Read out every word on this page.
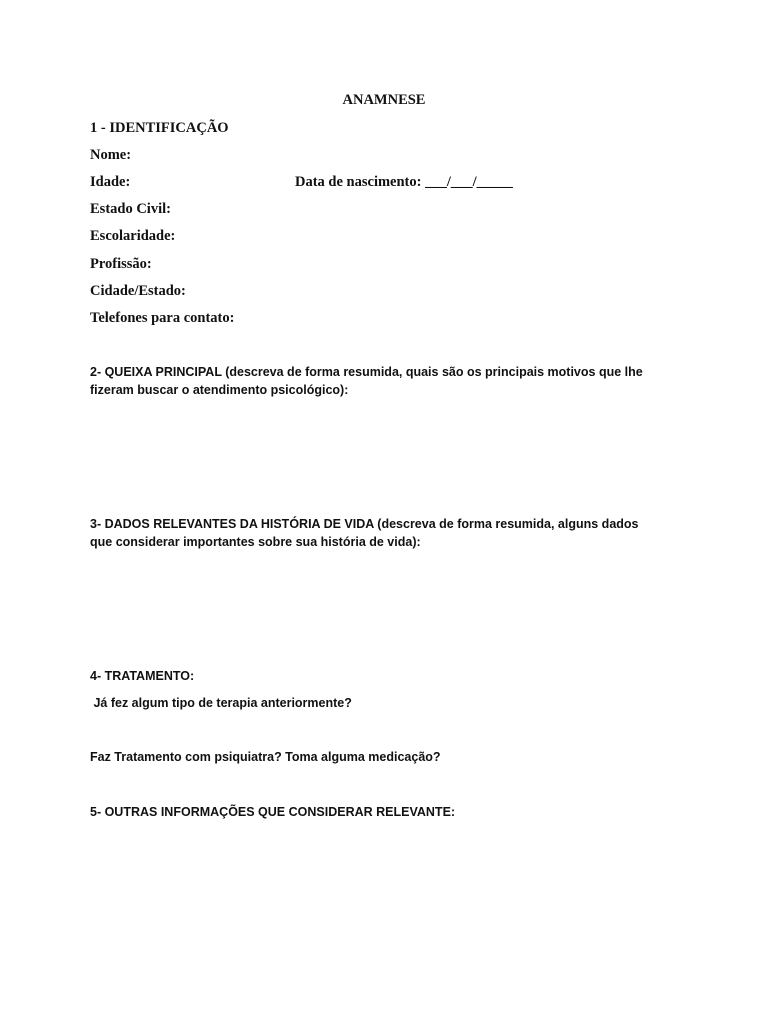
ANAMNESE
1 - IDENTIFICAÇÃO
Nome:
Idade:	Data de nascimento: ___/___/_____
Estado Civil:
Escolaridade:
Profissão:
Cidade/Estado:
Telefones para contato:
2- QUEIXA PRINCIPAL (descreva de forma resumida, quais são os principais motivos que lhe fizeram buscar o atendimento psicológico):
3- DADOS RELEVANTES DA HISTÓRIA DE VIDA (descreva de forma resumida, alguns dados que considerar importantes sobre sua história de vida):
4- TRATAMENTO:
Já fez algum tipo de terapia anteriormente?
Faz Tratamento com psiquiatra? Toma alguma medicação?
5- OUTRAS INFORMAÇÕES QUE CONSIDERAR RELEVANTE:
